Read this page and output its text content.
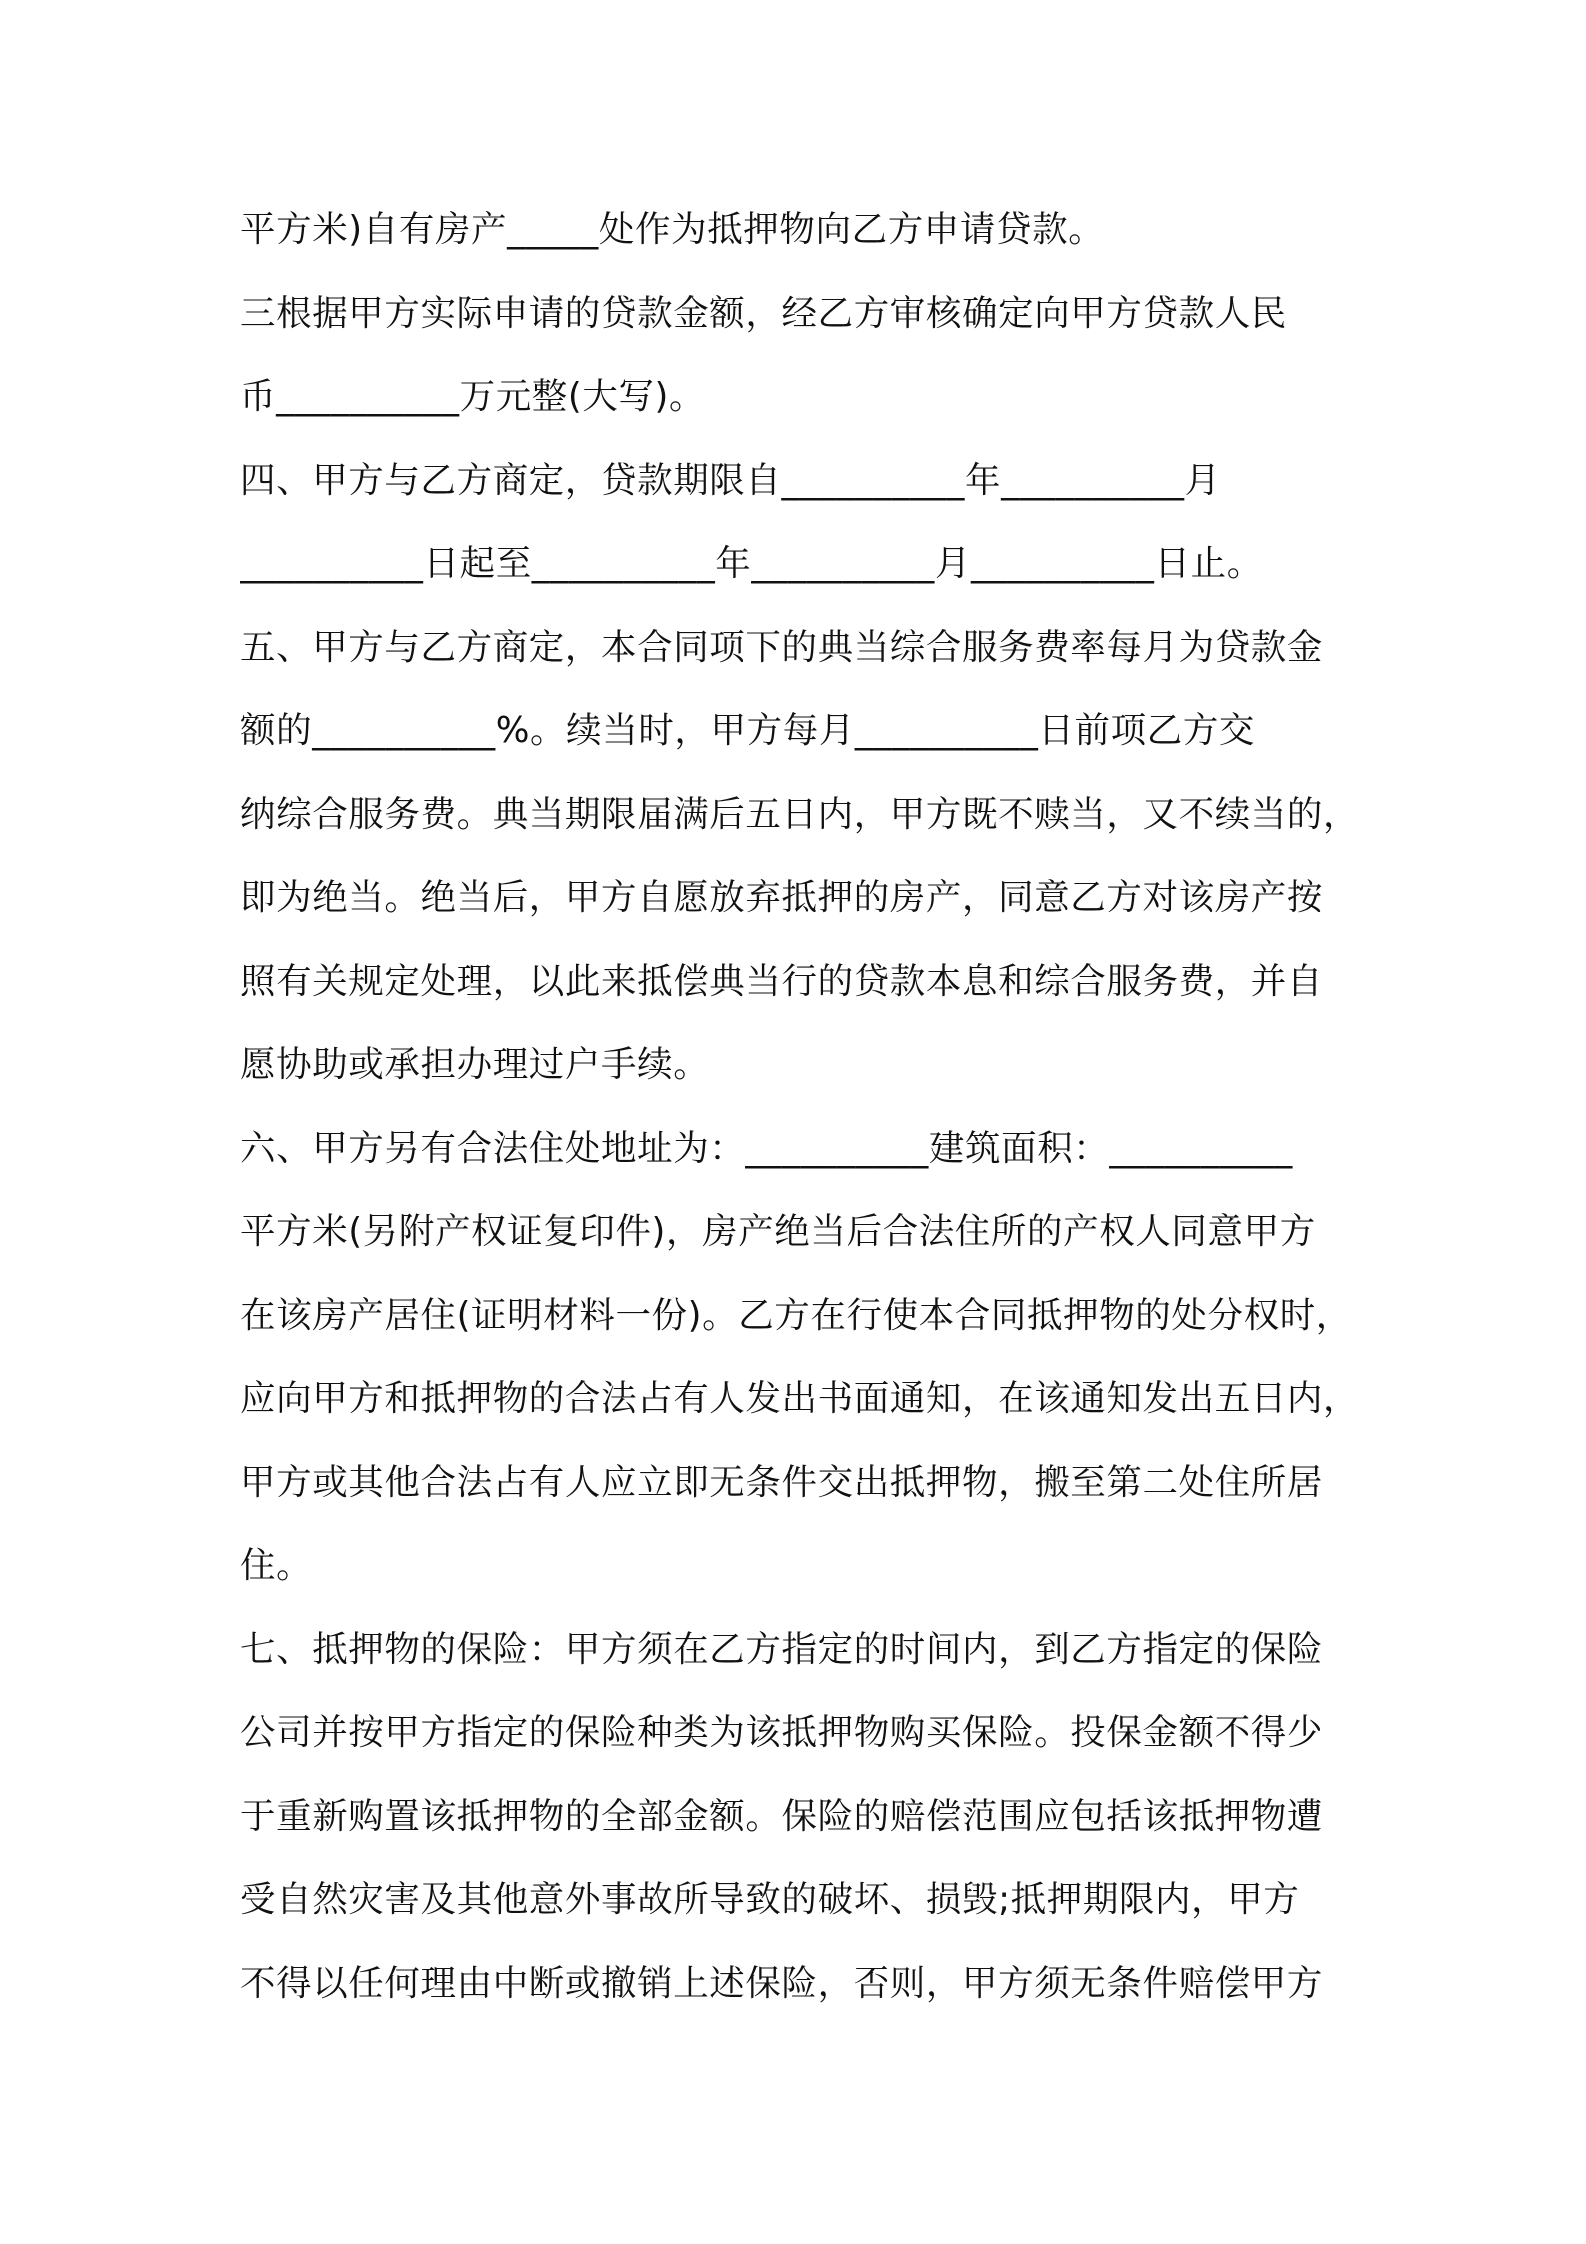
平方米)自有房产_____处作为抵押物向乙方申请贷款。
三根据甲方实际申请的贷款金额，经乙方审核确定向甲方贷款人民
币__________万元整(大写)。
四、甲方与乙方商定，贷款期限自__________年__________月
__________日起至__________年__________月__________日止。
五、甲方与乙方商定，本合同项下的典当综合服务费率每月为贷款金
额的__________%。续当时，甲方每月__________日前项乙方交
纳综合服务费。典当期限届满后五日内，甲方既不赎当，又不续当的，
即为绝当。绝当后，甲方自愿放弃抵押的房产，同意乙方对该房产按
照有关规定处理，以此来抵偿典当行的贷款本息和综合服务费，并自
愿协助或承担办理过户手续。
六、甲方另有合法住处地址为：__________建筑面积：__________
平方米(另附产权证复印件)，房产绝当后合法住所的产权人同意甲方
在该房产居住(证明材料一份)。乙方在行使本合同抵押物的处分权时，
应向甲方和抵押物的合法占有人发出书面通知，在该通知发出五日内，
甲方或其他合法占有人应立即无条件交出抵押物，搬至第二处住所居
住。
七、抵押物的保险：甲方须在乙方指定的时间内，到乙方指定的保险
公司并按甲方指定的保险种类为该抵押物购买保险。投保金额不得少
于重新购置该抵押物的全部金额。保险的赔偿范围应包括该抵押物遭
受自然灾害及其他意外事故所导致的破坏、损毁;抵押期限内，甲方
不得以任何理由中断或撤销上述保险，否则，甲方须无条件赔偿甲方
